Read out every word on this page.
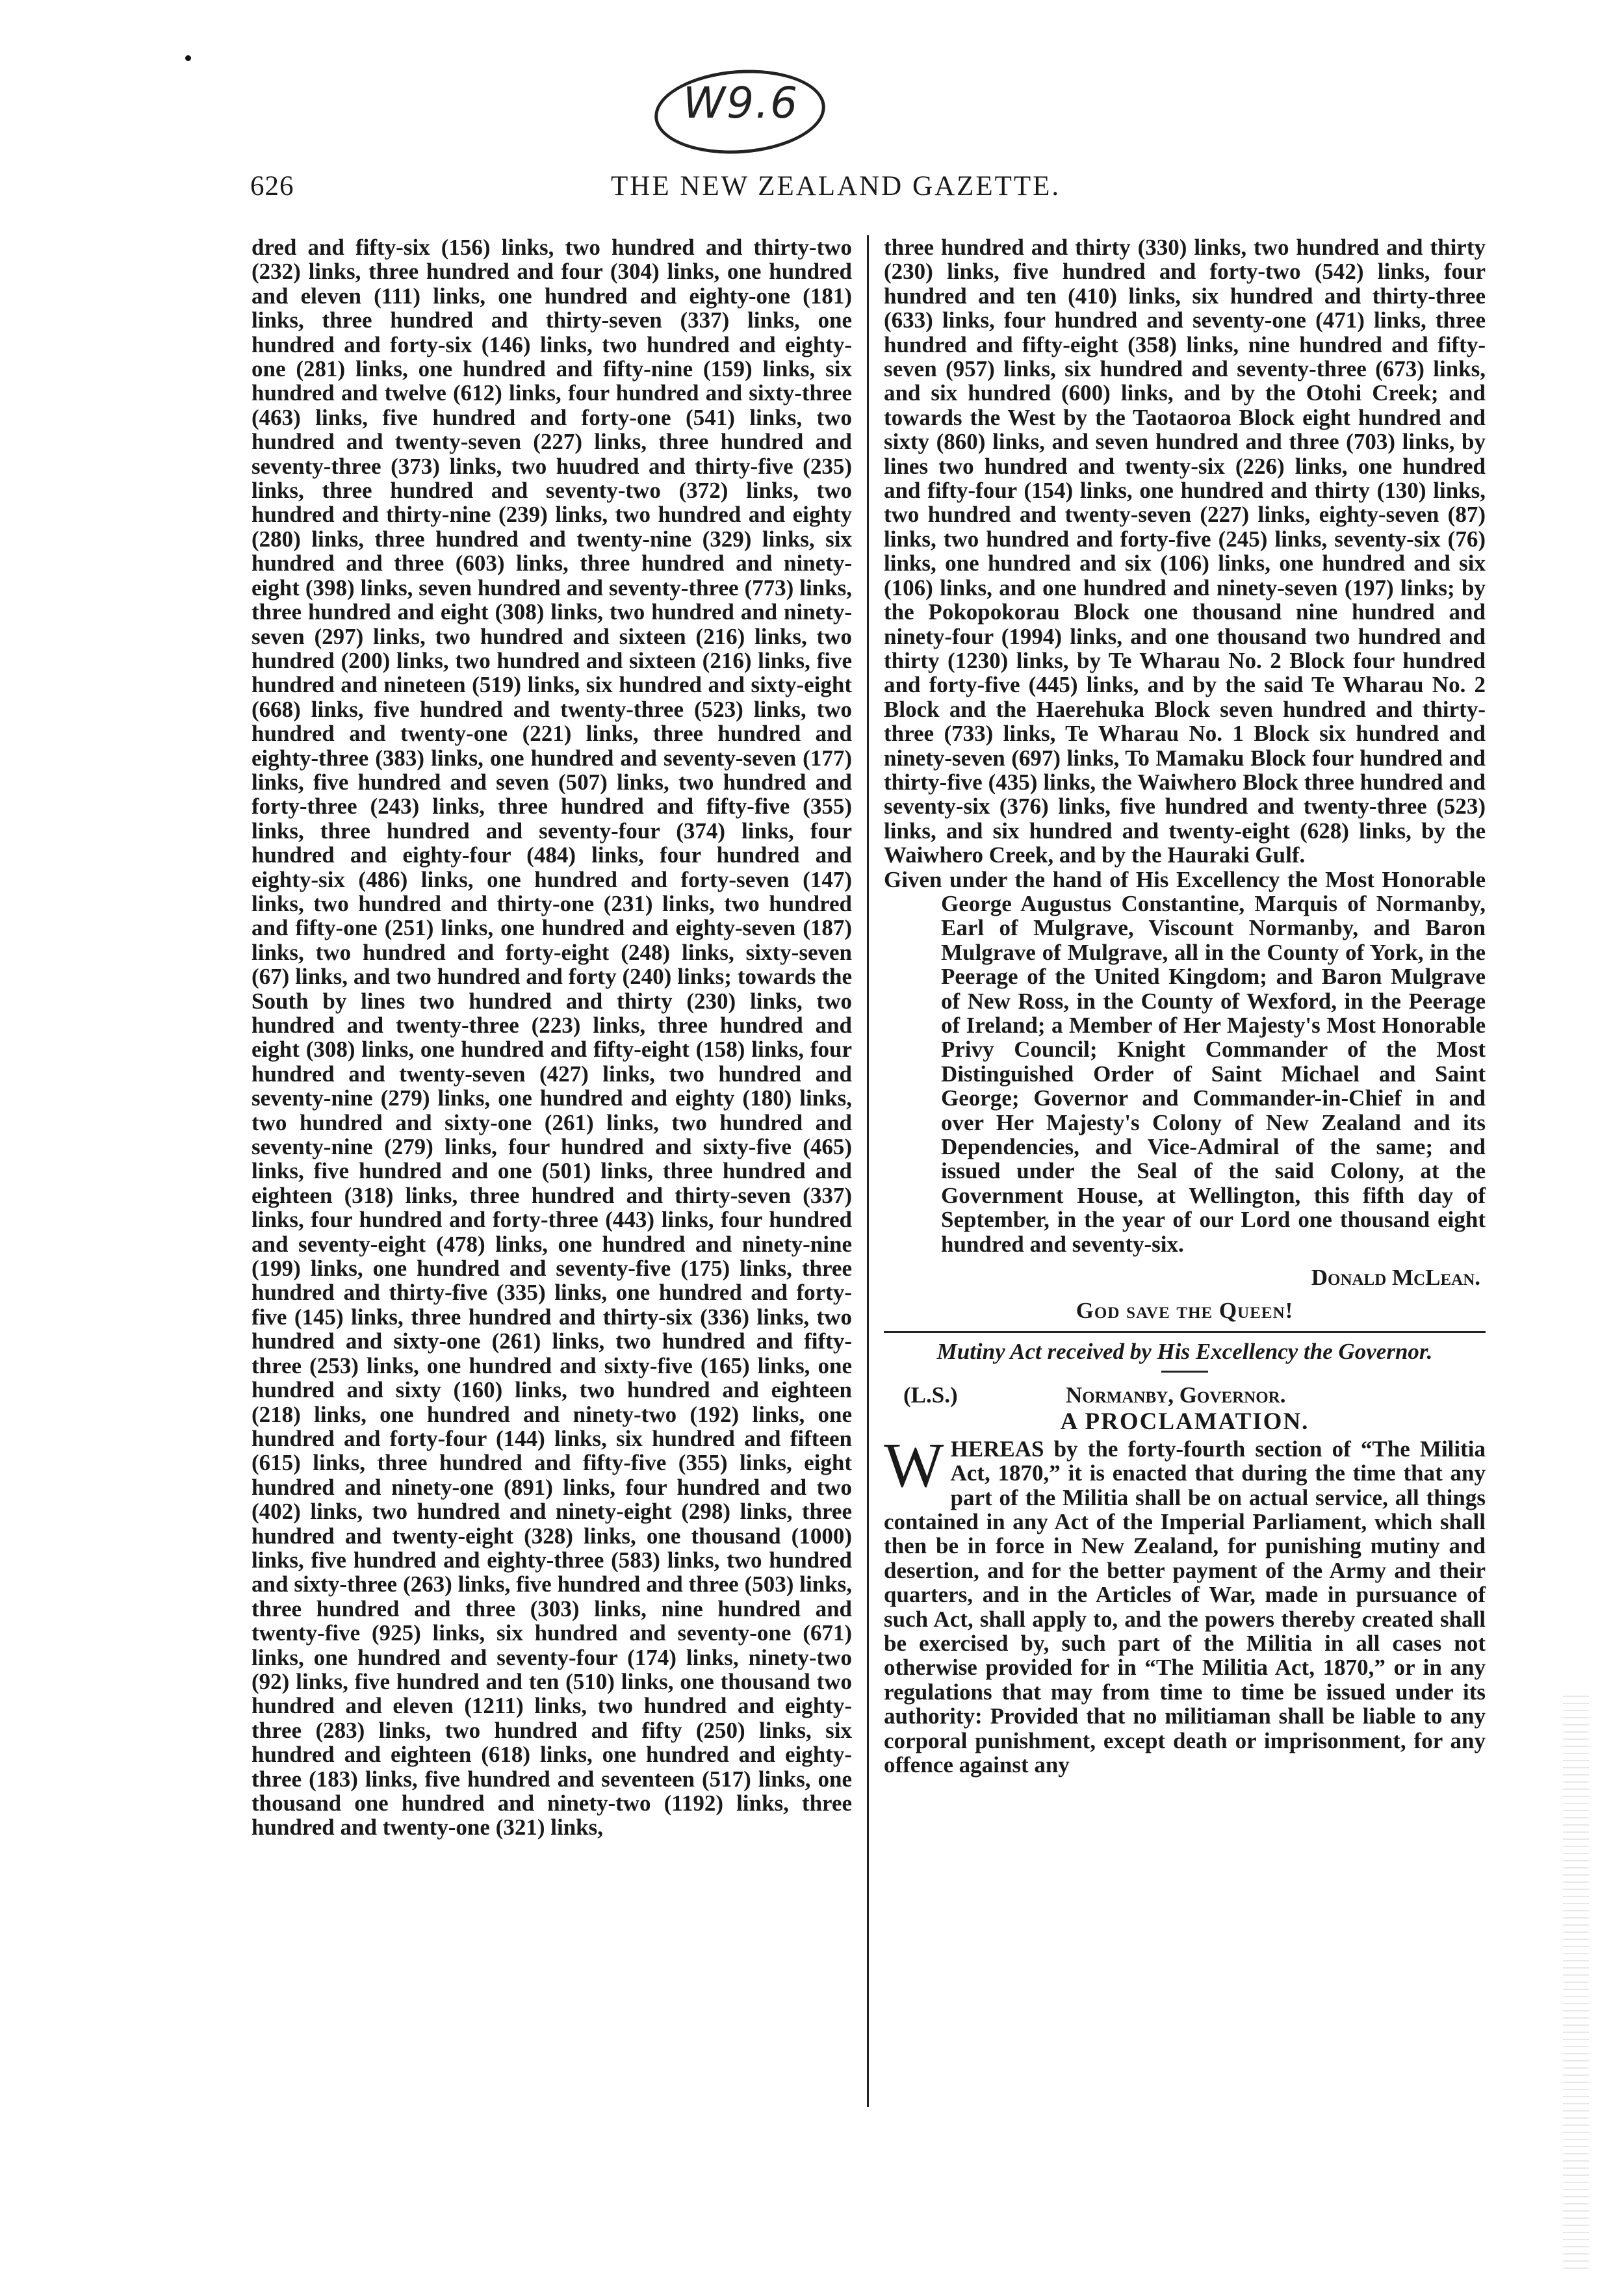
W9.6
626	THE NEW ZEALAND GAZETTE.

dred and fifty-six (156) links, two hundred and thirty-two (232) links, three hundred and four (304) links, one hundred and eleven (111) links, one hundred and eighty-one (181) links, three hundred and thirty-seven (337) links, one hundred and forty-six (146) links, two hundred and eighty-one (281) links, one hundred and fifty-nine (159) links, six hundred and twelve (612) links, four hundred and sixty-three (463) links, five hundred and forty-one (541) links, two hundred and twenty-seven (227) links, three hundred and seventy-three (373) links, two huudred and thirty-five (235) links, three hundred and seventy-two (372) links, two hundred and thirty-nine (239) links, two hundred and eighty (280) links, three hundred and twenty-nine (329) links, six hundred and three (603) links, three hundred and ninety-eight (398) links, seven hundred and seventy-three (773) links, three hundred and eight (308) links, two hundred and ninety-seven (297) links, two hundred and sixteen (216) links, two hundred (200) links, two hundred and sixteen (216) links, five hundred and nineteen (519) links, six hundred and sixty-eight (668) links, five hundred and twenty-three (523) links, two hundred and twenty-one (221) links, three hundred and eighty-three (383) links, one hundred and seventy-seven (177) links, five hundred and seven (507) links, two hundred and forty-three (243) links, three hundred and fifty-five (355) links, three hundred and seventy-four (374) links, four hundred and eighty-four (484) links, four hundred and eighty-six (486) links, one hundred and forty-seven (147) links, two hundred and thirty-one (231) links, two hundred and fifty-one (251) links, one hundred and eighty-seven (187) links, two hundred and forty-eight (248) links, sixty-seven (67) links, and two hundred and forty (240) links; towards the South by lines two hundred and thirty (230) links, two hundred and twenty-three (223) links, three hundred and eight (308) links, one hundred and fifty-eight (158) links, four hundred and twenty-seven (427) links, two hundred and seventy-nine (279) links, one hundred and eighty (180) links, two hundred and sixty-one (261) links, two hundred and seventy-nine (279) links, four hundred and sixty-five (465) links, five hundred and one (501) links, three hundred and eighteen (318) links, three hundred and thirty-seven (337) links, four hundred and forty-three (443) links, four hundred and seventy-eight (478) links, one hundred and ninety-nine (199) links, one hundred and seventy-five (175) links, three hundred and thirty-five (335) links, one hundred and forty-five (145) links, three hundred and thirty-six (336) links, two hundred and sixty-one (261) links, two hundred and fifty-three (253) links, one hundred and sixty-five (165) links, one hundred and sixty (160) links, two hundred and eighteen (218) links, one hundred and ninety-two (192) links, one hundred and forty-four (144) links, six hundred and fifteen (615) links, three hundred and fifty-five (355) links, eight hundred and ninety-one (891) links, four hundred and two (402) links, two hundred and ninety-eight (298) links, three hundred and twenty-eight (328) links, one thousand (1000) links, five hundred and eighty-three (583) links, two hundred and sixty-three (263) links, five hundred and three (503) links, three hundred and three (303) links, nine hundred and twenty-five (925) links, six hundred and seventy-one (671) links, one hundred and seventy-four (174) links, ninety-two (92) links, five hundred and ten (510) links, one thousand two hundred and eleven (1211) links, two hundred and eighty-three (283) links, two hundred and fifty (250) links, six hundred and eighteen (618) links, one hundred and eighty-three (183) links, five hundred and seventeen (517) links, one thousand one hundred and ninety-two (1192) links, three hundred and twenty-one (321) links,

three hundred and thirty (330) links, two hundred and thirty (230) links, five hundred and forty-two (542) links, four hundred and ten (410) links, six hundred and thirty-three (633) links, four hundred and seventy-one (471) links, three hundred and fifty-eight (358) links, nine hundred and fifty-seven (957) links, six hundred and seventy-three (673) links, and six hundred (600) links, and by the Otohi Creek; and towards the West by the Taotaoroa Block eight hundred and sixty (860) links, and seven hundred and three (703) links, by lines two hundred and twenty-six (226) links, one hundred and fifty-four (154) links, one hundred and thirty (130) links, two hundred and twenty-seven (227) links, eighty-seven (87) links, two hundred and forty-five (245) links, seventy-six (76) links, one hundred and six (106) links, one hundred and six (106) links, and one hundred and ninety-seven (197) links; by the Pokopokorau Block one thousand nine hundred and ninety-four (1994) links, and one thousand two hundred and thirty (1230) links, by Te Wharau No. 2 Block four hundred and forty-five (445) links, and by the said Te Wharau No. 2 Block and the Haerehuka Block seven hundred and thirty-three (733) links, Te Wharau No. 1 Block six hundred and ninety-seven (697) links, To Mamaku Block four hundred and thirty-five (435) links, the Waiwhero Block three hundred and seventy-six (376) links, five hundred and twenty-three (523) links, and six hundred and twenty-eight (628) links, by the Waiwhero Creek, and by the Hauraki Gulf.

Given under the hand of His Excellency the Most Honorable George Augustus Constantine, Marquis of Normanby, Earl of Mulgrave, Viscount Normanby, and Baron Mulgrave of Mulgrave, all in the County of York, in the Peerage of the United Kingdom; and Baron Mulgrave of New Ross, in the County of Wexford, in the Peerage of Ireland; a Member of Her Majesty's Most Honorable Privy Council; Knight Commander of the Most Distinguished Order of Saint Michael and Saint George; Governor and Commander-in-Chief in and over Her Majesty's Colony of New Zealand and its Dependencies, and Vice-Admiral of the same; and issued under the Seal of the said Colony, at the Government House, at Wellington, this fifth day of September, in the year of our Lord one thousand eight hundred and seventy-six.

Donald McLean.
God save the Queen!
Mutiny Act received by His Excellency the Governor.
(L.S.)	Normanby, Governor.
A PROCLAMATION.

WHEREAS by the forty-fourth section of “The Militia Act, 1870,” it is enacted that during the time that any part of the Militia shall be on actual service, all things contained in any Act of the Imperial Parliament, which shall then be in force in New Zealand, for punishing mutiny and desertion, and for the better payment of the Army and their quarters, and in the Articles of War, made in pursuance of such Act, shall apply to, and the powers thereby created shall be exercised by, such part of the Militia in all cases not otherwise provided for in “The Militia Act, 1870,” or in any regulations that may from time to time be issued under its authority: Provided that no militiaman shall be liable to any corporal punishment, except death or imprisonment, for any offence against any
